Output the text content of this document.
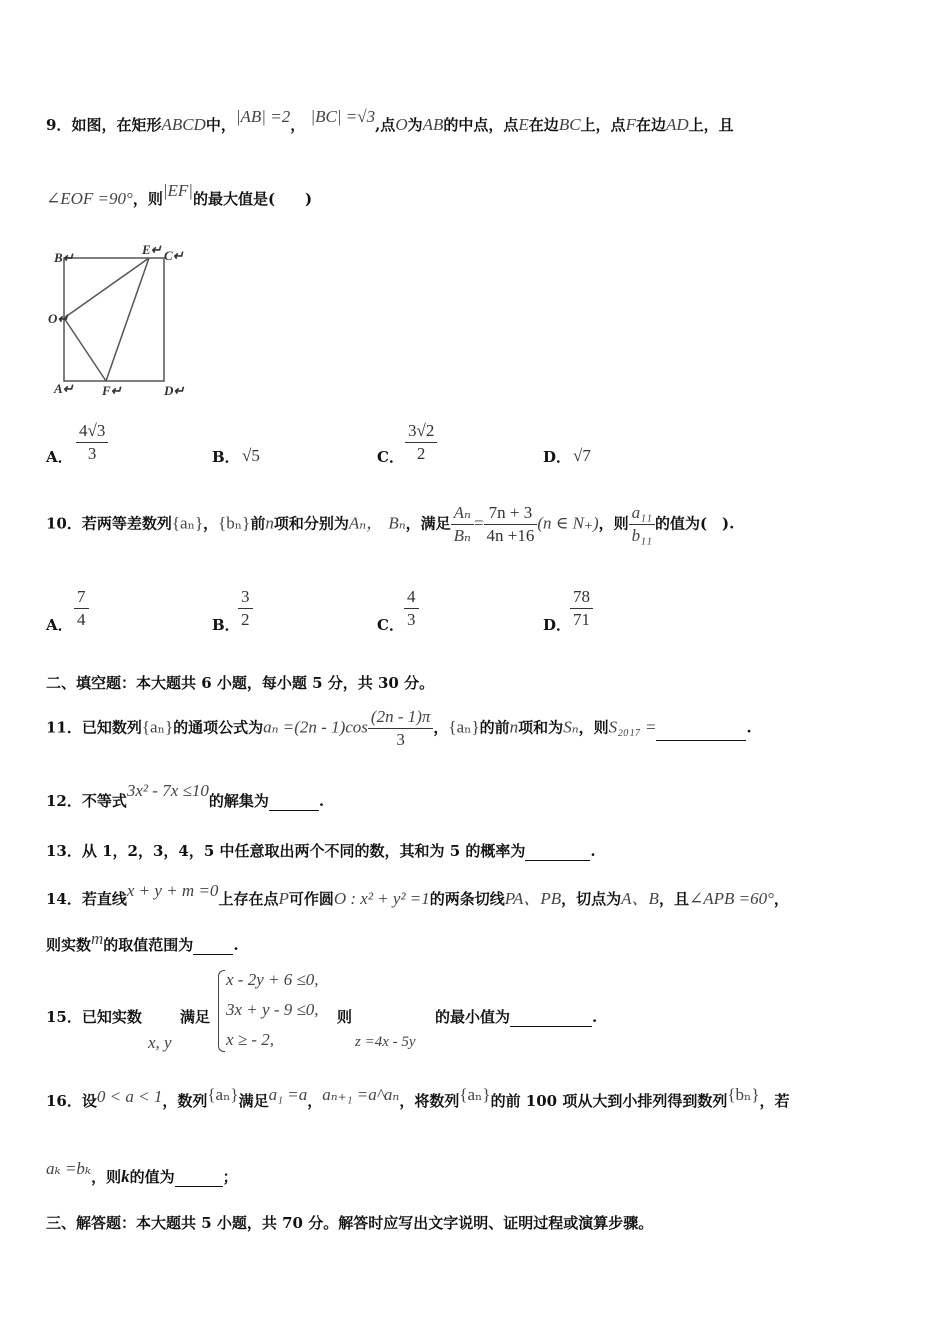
9．如图，在矩形ABCD中，|AB| =2， |BC| =√3,点O为AB的中点，点E在边BC上，点F在边AD上，且
∠EOF =90°，则|EF|的最大值是(　　)
B↵
E↵ C↵
O↵
A↵ F↵	D↵
A． $\frac{4√3}{3}$	B． √5	C． $\frac{3√2}{2}$	D． √7
10．若两等差数列{aₙ}，{bₙ}前n项和分别为Aₙ， Bₙ，满足 $\frac{\text{Aₙ}}{\text{Bₙ}} = \frac{7n + 3}{4n +16} (n$ ∈ N₊)，则 $\frac{\text{a₁₁}}{\text{b₁₁}}$ 的值为(　).
A． $\frac{7}{4}$	B．
$\frac{3}{2}$	C． $\frac{4}{3}$	D．
$\frac{78}{71}$
二、填空题：本大题共 6 小题，每小题 5 分，共 30 分。
11．已知数列{aₙ}的通项公式为$a_n =(2n - 1)\cos \frac{(2n - 1)\pi}{3}$ ，{aₙ}的前n项和为Sₙ，则S₂₀₁₇ =	.
12．不等式3x² - 7x ≤10的解集为	.
13．从 1，2，3，4，5 中任意取出两个不同的数，其和为 5 的概率为	.
14．若直线x + y + m =0上存在点P可作圆O : x² + y² =1的两条切线PA、PB，切点为A、B，且∠APB =60°，
则实数m的取值范围为	.
15．已知实数
x, y
满足
x - 2y + 6 ≤0,
3x + y - 9 ≤0,
x ≥ - 2,
则
z =4x - 5y
的最小值为	.
16．设0 < a < 1，数列{aₙ}满足a₁ =a，aₙ₊₁ =a^aₙ，将数列{aₙ}的前 100 项从大到小排列得到数列{bₙ}，若
aₖ =bₖ，则k的值为	；
三、解答题：本大题共 5 小题，共 70 分。解答时应写出文字说明、证明过程或演算步骤。
